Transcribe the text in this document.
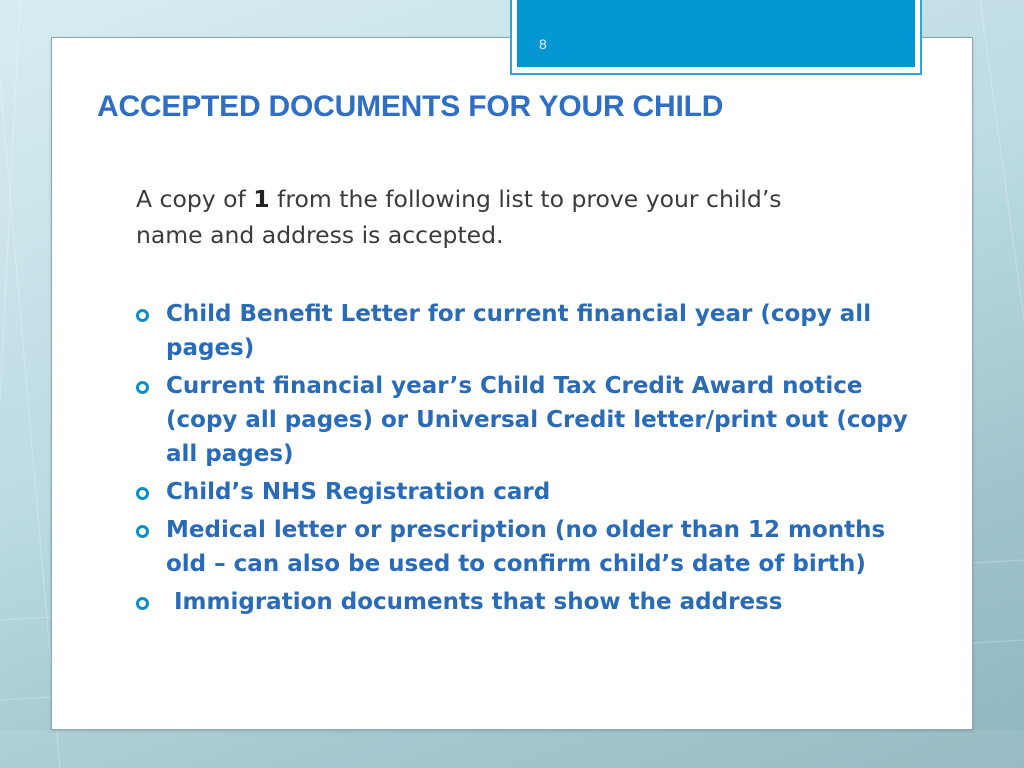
8
ACCEPTED DOCUMENTS FOR YOUR CHILD

A copy of 1 from the following list to prove your child’s name and address is accepted.

Child Benefit Letter for current financial year (copy all pages)
Current financial year’s Child Tax Credit Award notice (copy all pages) or Universal Credit letter/print out (copy all pages)
Child’s NHS Registration card
Medical letter or prescription (no older than 12 months old – can also be used to confirm child’s date of birth)
Immigration documents that show the address
